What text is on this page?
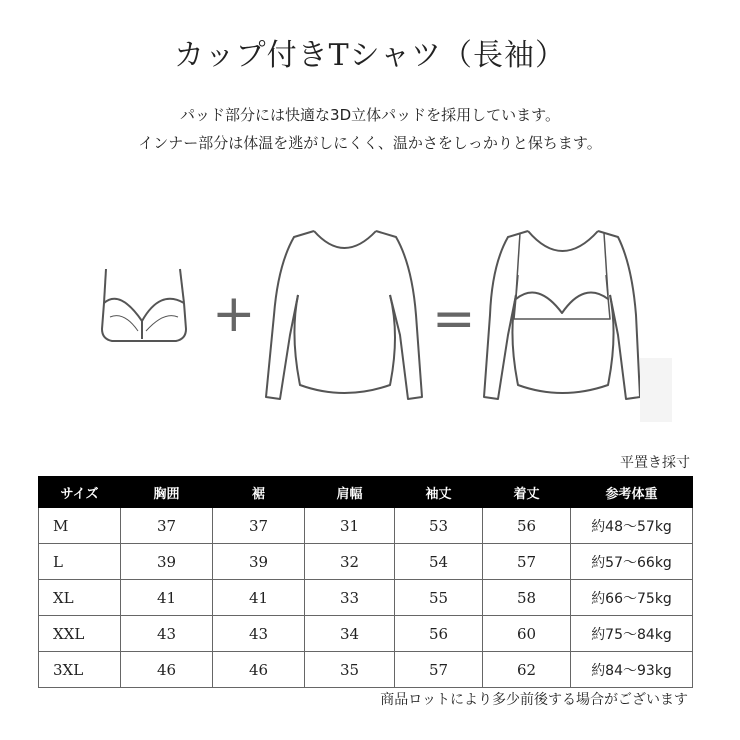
カップ付きTシャツ（長袖）
パッド部分には快適な3D立体パッドを採用しています。
インナー部分は体温を逃がしにくく、温かさをしっかりと保ちます。
+	=
平置き採寸
サイズ	胸囲	裾	肩幅	袖丈	着丈	参考体重
M	37	37	31	53	56	約48～57kg
L	39	39	32	54	57	約57～66kg
XL	41	41	33	55	58	約66～75kg
XXL	43	43	34	56	60	約75～84kg
3XL	46	46	35	57	62	約84～93kg
商品ロットにより多少前後する場合がございます
